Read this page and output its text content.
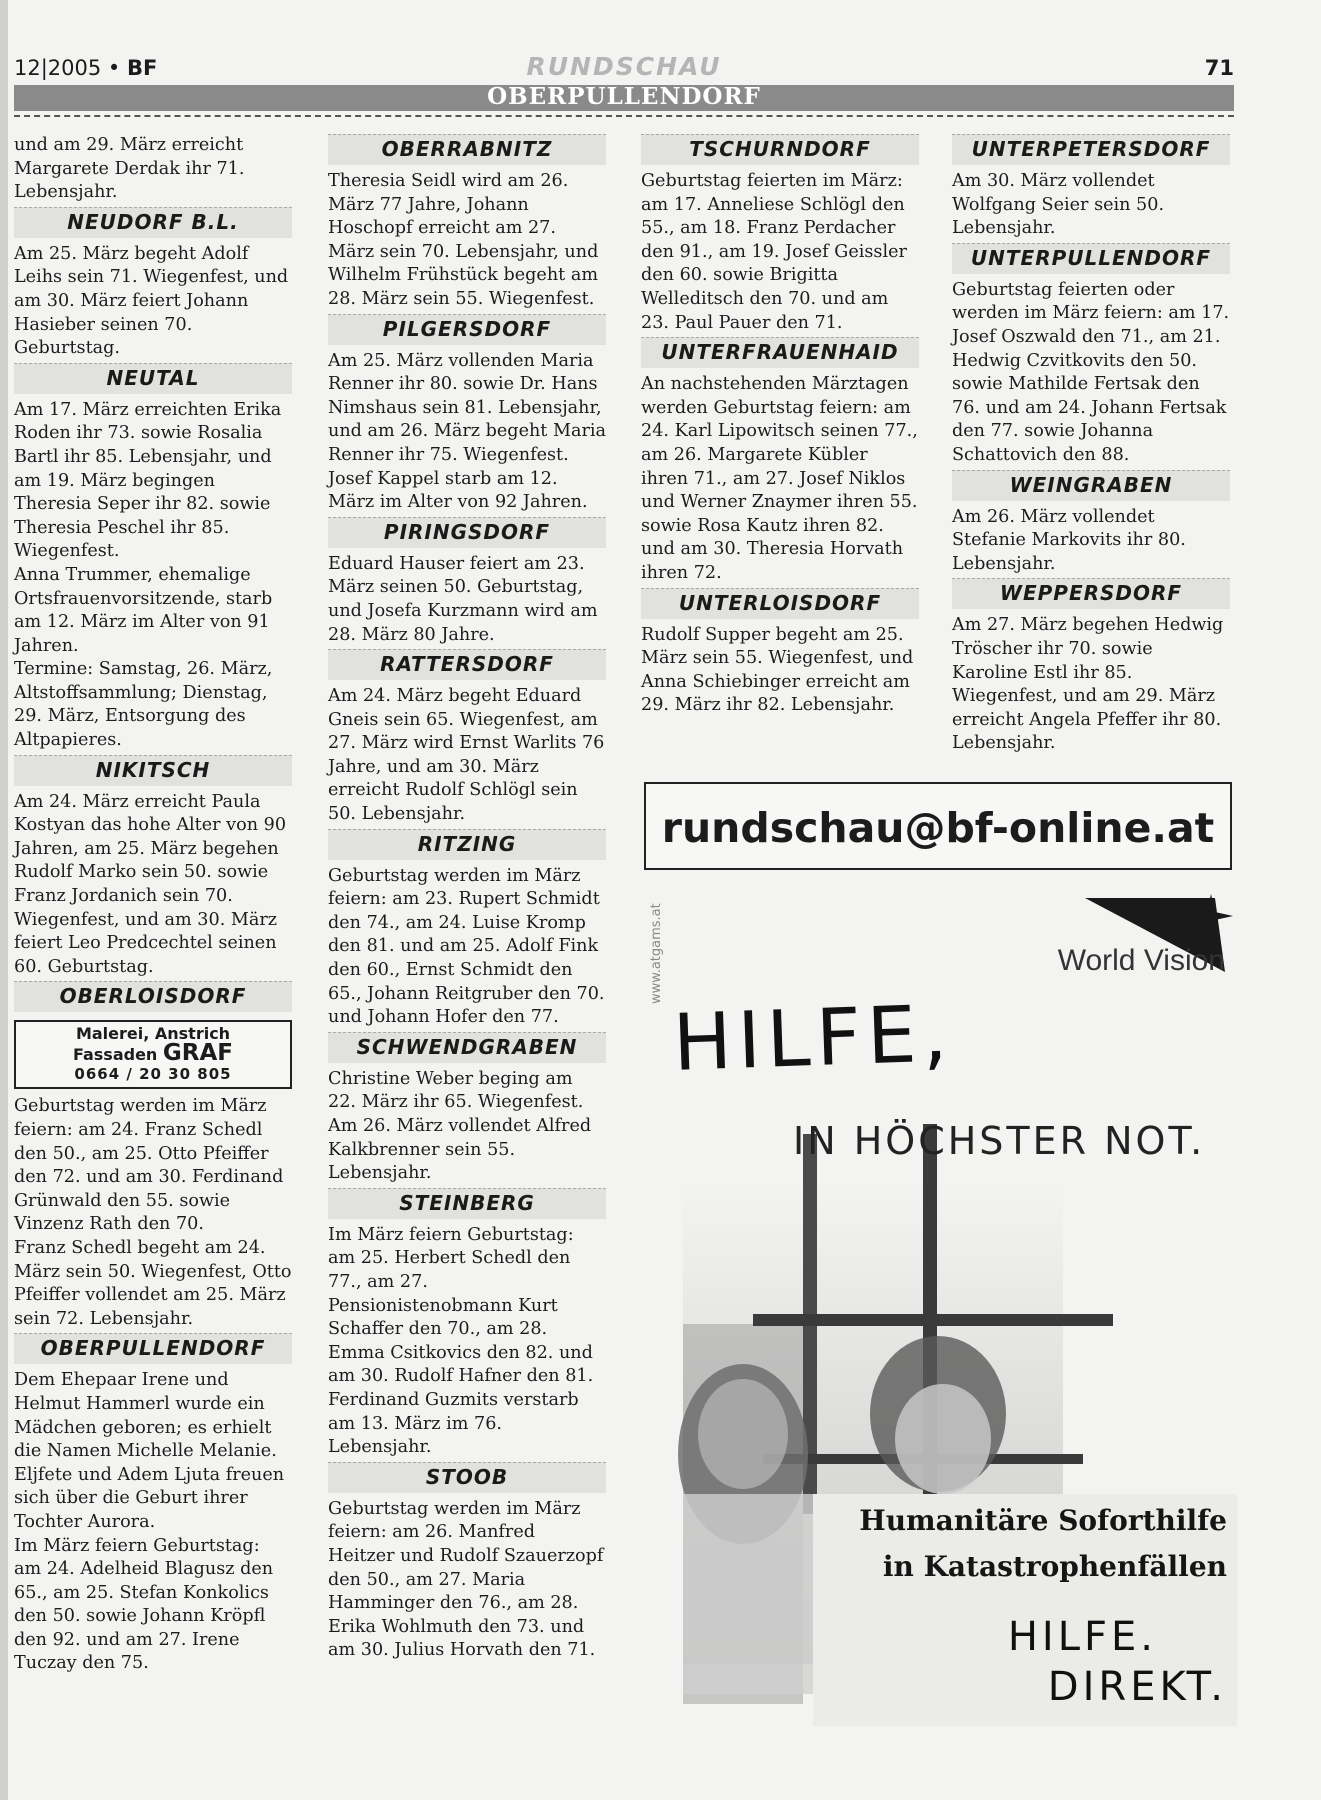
12|2005 • BF	RUNDSCHAU	71
OBERPULLENDORF

und am 29. März erreicht Margarete Derdak ihr 71. Lebensjahr.

NEUDORF B.L.

Am 25. März begeht Adolf Leihs sein 71. Wiegenfest, und am 30. März feiert Johann Hasieber seinen 70. Geburtstag.

NEUTAL

Am 17. März erreichten Erika Roden ihr 73. sowie Rosalia Bartl ihr 85. Lebensjahr, und am 19. März begingen Theresia Seper ihr 82. sowie Theresia Peschel ihr 85. Wiegenfest.

Anna Trummer, ehemalige Ortsfrauenvorsitzende, starb am 12. März im Alter von 91 Jahren.

Termine: Samstag, 26. März, Altstoffsammlung; Dienstag, 29. März, Entsorgung des Altpapieres.

NIKITSCH

Am 24. März erreicht Paula Kostyan das hohe Alter von 90 Jahren, am 25. März begehen Rudolf Marko sein 50. sowie Franz Jordanich sein 70. Wiegenfest, und am 30. März feiert Leo Predcechtel seinen 60. Geburtstag.

OBERLOISDORF
Malerei, Anstrich
Fassaden GRAF
0664 / 20 30 805

Geburtstag werden im März feiern: am 24. Franz Schedl den 50., am 25. Otto Pfeiffer den 72. und am 30. Ferdinand Grünwald den 55. sowie Vinzenz Rath den 70.

Franz Schedl begeht am 24. März sein 50. Wiegenfest, Otto Pfeiffer vollendet am 25. März sein 72. Lebensjahr.

OBERPULLENDORF

Dem Ehepaar Irene und Helmut Hammerl wurde ein Mädchen geboren; es erhielt die Namen Michelle Melanie. Eljfete und Adem Ljuta freuen sich über die Geburt ihrer Tochter Aurora.

Im März feiern Geburtstag: am 24. Adelheid Blagusz den 65., am 25. Stefan Konkolics den 50. sowie Johann Kröpfl den 92. und am 27. Irene Tuczay den 75.

OBERRABNITZ

Theresia Seidl wird am 26. März 77 Jahre, Johann Hoschopf erreicht am 27. März sein 70. Lebensjahr, und Wilhelm Frühstück begeht am 28. März sein 55. Wiegenfest.

PILGERSDORF

Am 25. März vollenden Maria Renner ihr 80. sowie Dr. Hans Nimshaus sein 81. Lebensjahr, und am 26. März begeht Maria Renner ihr 75. Wiegenfest. Josef Kappel starb am 12. März im Alter von 92 Jahren.

PIRINGSDORF

Eduard Hauser feiert am 23. März seinen 50. Geburtstag, und Josefa Kurzmann wird am 28. März 80 Jahre.

RATTERSDORF

Am 24. März begeht Eduard Gneis sein 65. Wiegenfest, am 27. März wird Ernst Warlits 76 Jahre, und am 30. März erreicht Rudolf Schlögl sein 50. Lebensjahr.

RITZING

Geburtstag werden im März feiern: am 23. Rupert Schmidt den 74., am 24. Luise Kromp den 81. und am 25. Adolf Fink den 60., Ernst Schmidt den 65., Johann Reitgruber den 70. und Johann Hofer den 77.

SCHWENDGRABEN

Christine Weber beging am 22. März ihr 65. Wiegenfest.

Am 26. März vollendet Alfred Kalkbrenner sein 55. Lebensjahr.

STEINBERG

Im März feiern Geburtstag: am 25. Herbert Schedl den 77., am 27. Pensionistenobmann Kurt Schaffer den 70., am 28. Emma Csitkovics den 82. und am 30. Rudolf Hafner den 81. Ferdinand Guzmits verstarb am 13. März im 76. Lebensjahr.

STOOB

Geburtstag werden im März feiern: am 26. Manfred Heitzer und Rudolf Szauerzopf den 50., am 27. Maria Hamminger den 76., am 28. Erika Wohlmuth den 73. und am 30. Julius Horvath den 71.

TSCHURNDORF

Geburtstag feierten im März: am 17. Anneliese Schlögl den 55., am 18. Franz Perdacher den 91., am 19. Josef Geissler den 60. sowie Brigitta Welleditsch den 70. und am 23. Paul Pauer den 71.

UNTERFRAUENHAID

An nachstehenden Märztagen werden Geburtstag feiern: am 24. Karl Lipowitsch seinen 77., am 26. Margarete Kübler ihren 71., am 27. Josef Niklos und Werner Znaymer ihren 55. sowie Rosa Kautz ihren 82. und am 30. Theresia Horvath ihren 72.

UNTERLOISDORF

Rudolf Supper begeht am 25. März sein 55. Wiegenfest, und Anna Schiebinger erreicht am 29. März ihr 82. Lebensjahr.

UNTERPETERSDORF

Am 30. März vollendet Wolfgang Seier sein 50. Lebensjahr.

UNTERPULLENDORF

Geburtstag feierten oder werden im März feiern: am 17. Josef Oszwald den 71., am 21. Hedwig Czvitkovits den 50. sowie Mathilde Fertsak den 76. und am 24. Johann Fertsak den 77. sowie Johanna Schattovich den 88.

WEINGRABEN

Am 26. März vollendet Stefanie Markovits ihr 80. Lebensjahr.

WEPPERSDORF

Am 27. März begehen Hedwig Tröscher ihr 70. sowie Karoline Estl ihr 85. Wiegenfest, und am 29. März erreicht Angela Pfeffer ihr 80. Lebensjahr.

rundschau@bf-online.at
www.atgams.at	World Vision
HILFE,
IN HÖCHSTER NOT.
Humanitäre Soforthilfe
in Katastrophenfällen
HILFE.
DIREKT.
